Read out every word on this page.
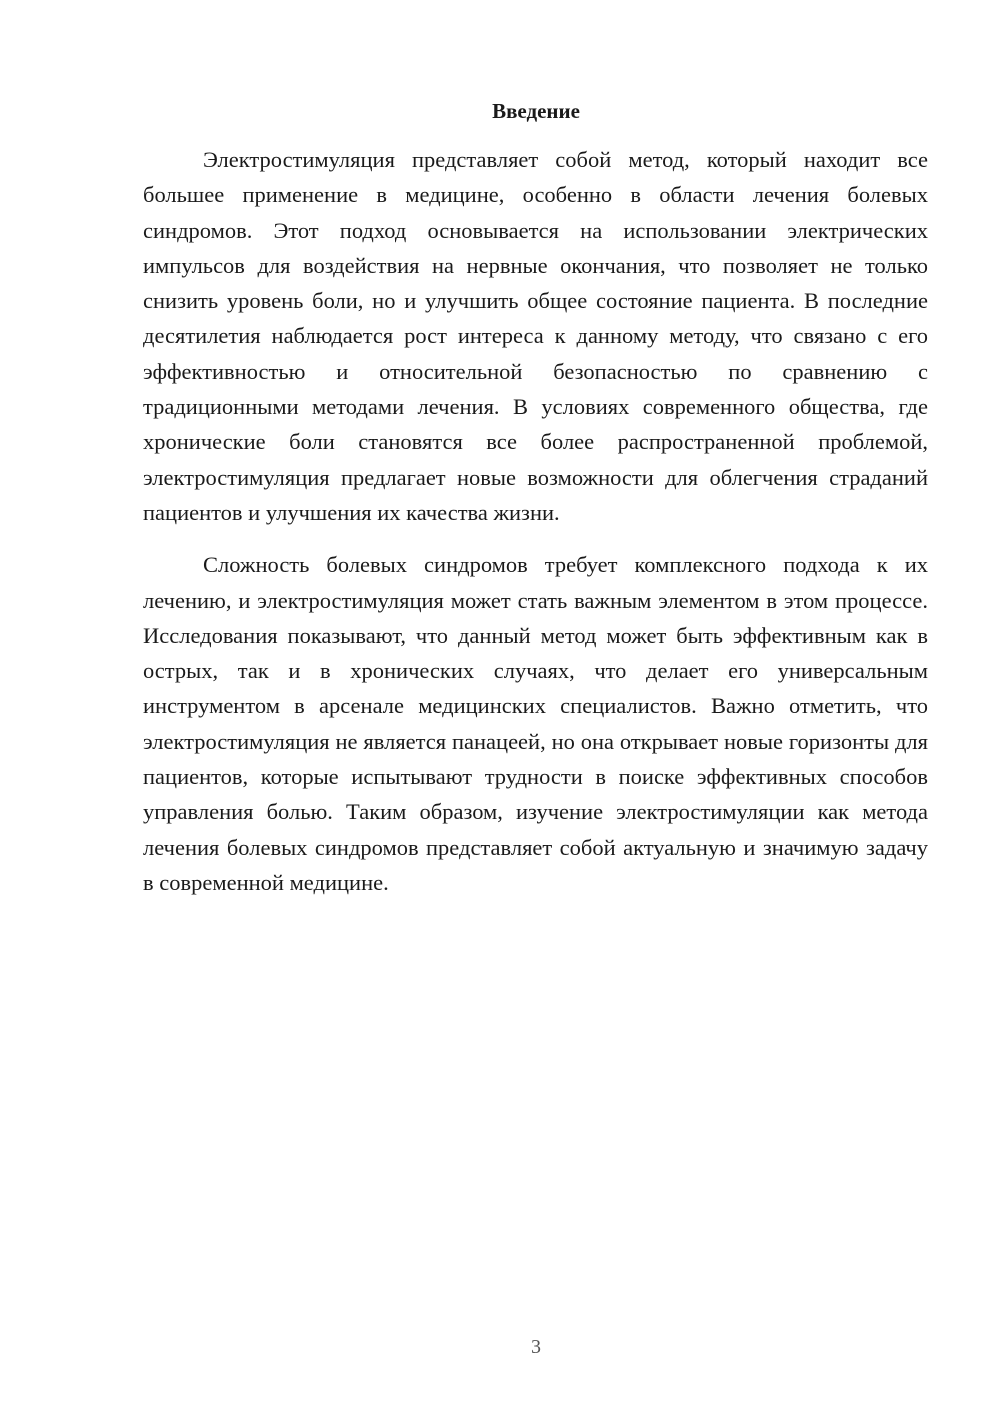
Введение

Электростимуляция представляет собой метод, который находит все большее применение в медицине, особенно в области лечения болевых синдромов. Этот подход основывается на использовании электрических импульсов для воздействия на нервные окончания, что позволяет не только снизить уровень боли, но и улучшить общее состояние пациента. В последние десятилетия наблюдается рост интереса к данному методу, что связано с его эффективностью и относительной безопасностью по сравнению с традиционными методами лечения. В условиях современного общества, где хронические боли становятся все более распространенной проблемой, электростимуляция предлагает новые возможности для облегчения страданий пациентов и улучшения их качества жизни.

Сложность болевых синдромов требует комплексного подхода к их лечению, и электростимуляция может стать важным элементом в этом процессе. Исследования показывают, что данный метод может быть эффективным как в острых, так и в хронических случаях, что делает его универсальным инструментом в арсенале медицинских специалистов. Важно отметить, что электростимуляция не является панацеей, но она открывает новые горизонты для пациентов, которые испытывают трудности в поиске эффективных способов управления болью. Таким образом, изучение электростимуляции как метода лечения болевых синдромов представляет собой актуальную и значимую задачу в современной медицине.

3
